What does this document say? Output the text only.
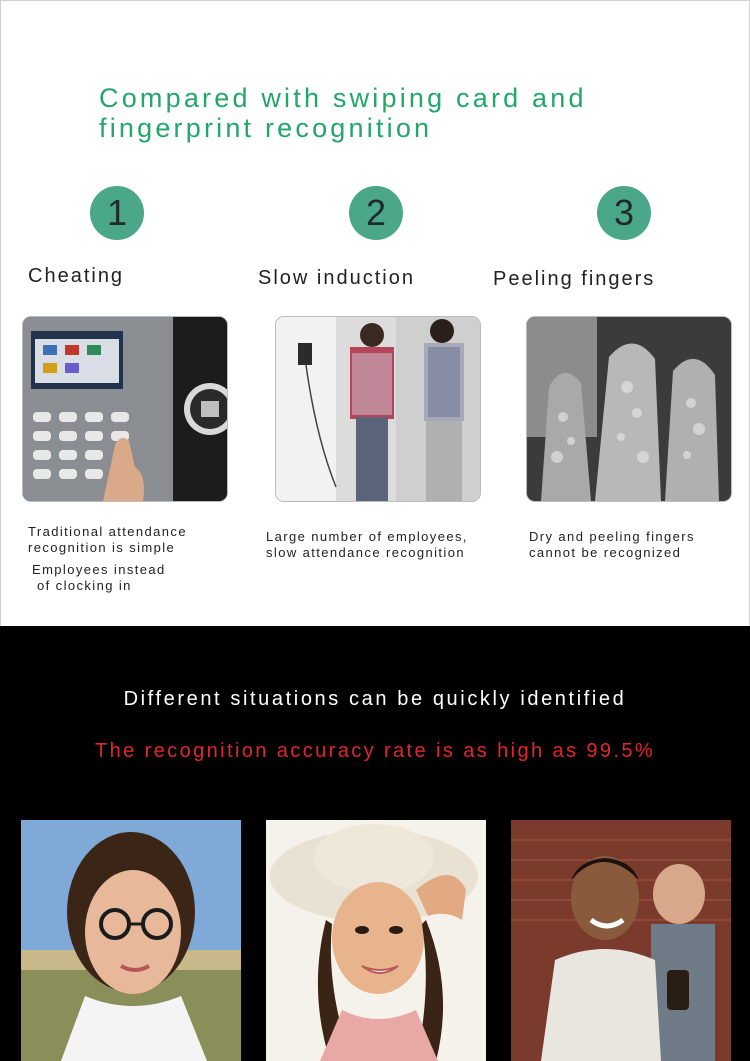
Compared with swiping card and fingerprint recognition
1
Cheating
Traditional attendance
recognition is simple
Employees instead
of clocking in
2
Slow induction
Large number of employees,
slow attendance recognition
3
Peeling fingers
Dry and peeling fingers
cannot be recognized
Different situations can be quickly identified
The recognition accuracy rate is as high as 99.5%
